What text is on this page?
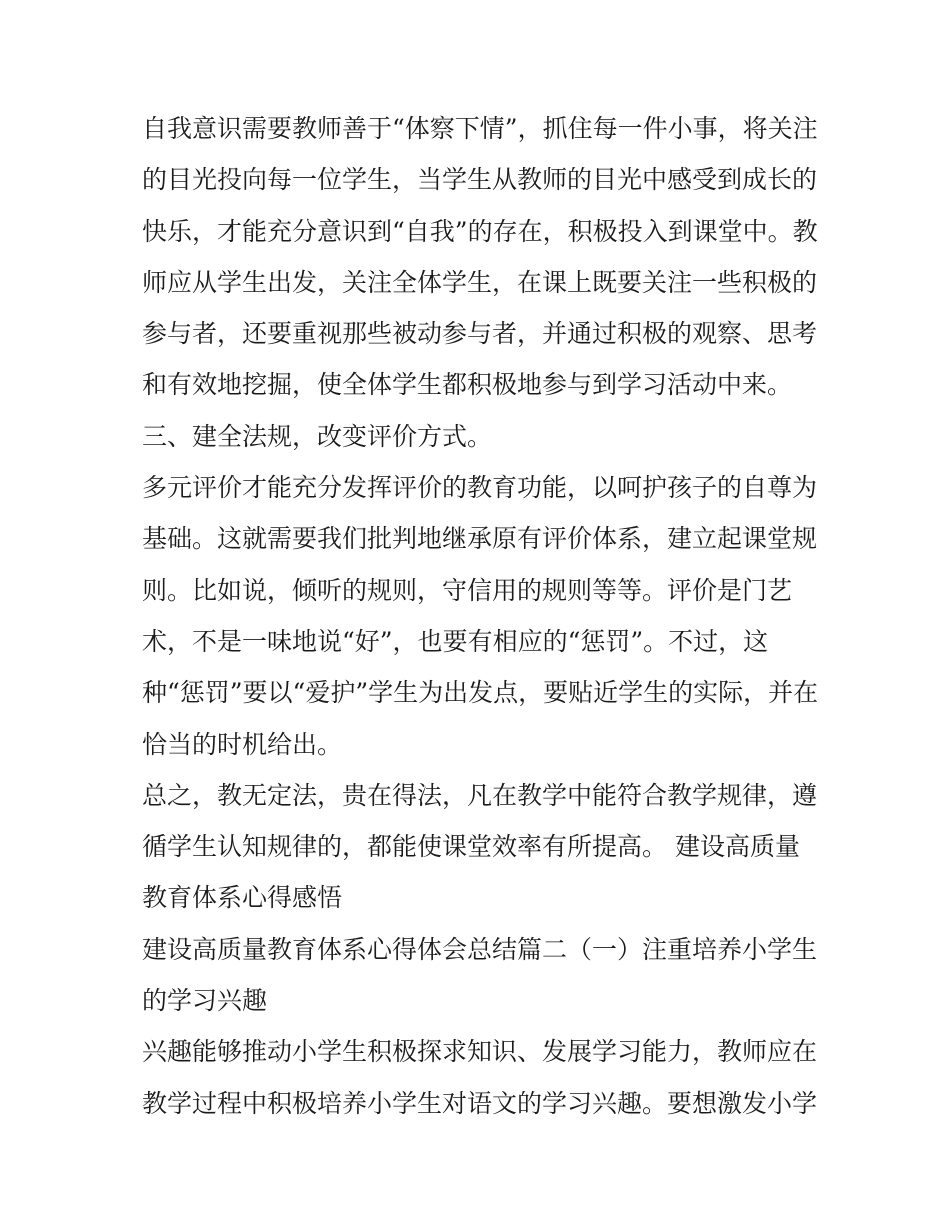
自我意识需要教师善于“体察下情”，抓住每一件小事，将关注
的目光投向每一位学生，当学生从教师的目光中感受到成长的
快乐，才能充分意识到“自我”的存在，积极投入到课堂中。教
师应从学生出发，关注全体学生，在课上既要关注一些积极的
参与者，还要重视那些被动参与者，并通过积极的观察、思考
和有效地挖掘，使全体学生都积极地参与到学习活动中来。
三、建全法规，改变评价方式。
多元评价才能充分发挥评价的教育功能，以呵护孩子的自尊为
基础。这就需要我们批判地继承原有评价体系，建立起课堂规
则。比如说，倾听的规则，守信用的规则等等。评价是门艺
术，不是一味地说“好”，也要有相应的“惩罚”。不过，这
种“惩罚”要以“爱护”学生为出发点，要贴近学生的实际，并在
恰当的时机给出。
总之，教无定法，贵在得法，凡在教学中能符合教学规律，遵
循学生认知规律的，都能使课堂效率有所提高。 建设高质量
教育体系心得感悟
建设高质量教育体系心得体会总结篇二（一）注重培养小学生
的学习兴趣
兴趣能够推动小学生积极探求知识、发展学习能力，教师应在
教学过程中积极培养小学生对语文的学习兴趣。要想激发小学
